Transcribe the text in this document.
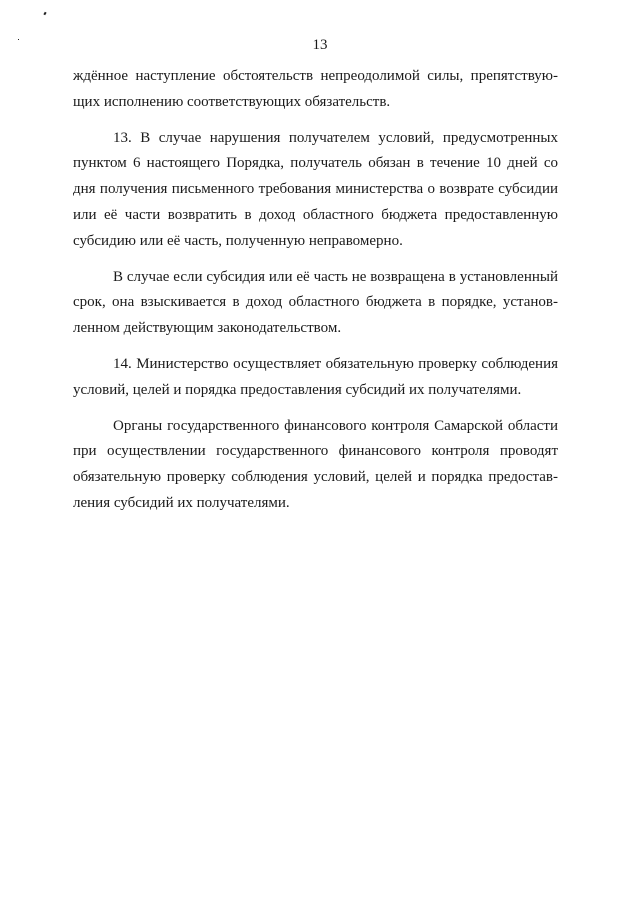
13
ждённое наступление обстоятельств непреодолимой силы, препятствую-
щих исполнению соответствующих обязательств.
13. В случае нарушения получателем условий, предусмотренных
пунктом 6 настоящего Порядка, получатель обязан в течение 10 дней со
дня получения письменного требования министерства о возврате субсидии
или её части возвратить в доход областного бюджета предоставленную
субсидию или её часть, полученную неправомерно.
В случае если субсидия или её часть не возвращена в установленный
срок, она взыскивается в доход областного бюджета в порядке, установ-
ленном действующим законодательством.
14. Министерство осуществляет обязательную проверку соблюдения
условий, целей и порядка предоставления субсидий их получателями.
Органы государственного финансового контроля Самарской области
при осуществлении государственного финансового контроля проводят
обязательную проверку соблюдения условий, целей и порядка предостав-
ления субсидий их получателями.
